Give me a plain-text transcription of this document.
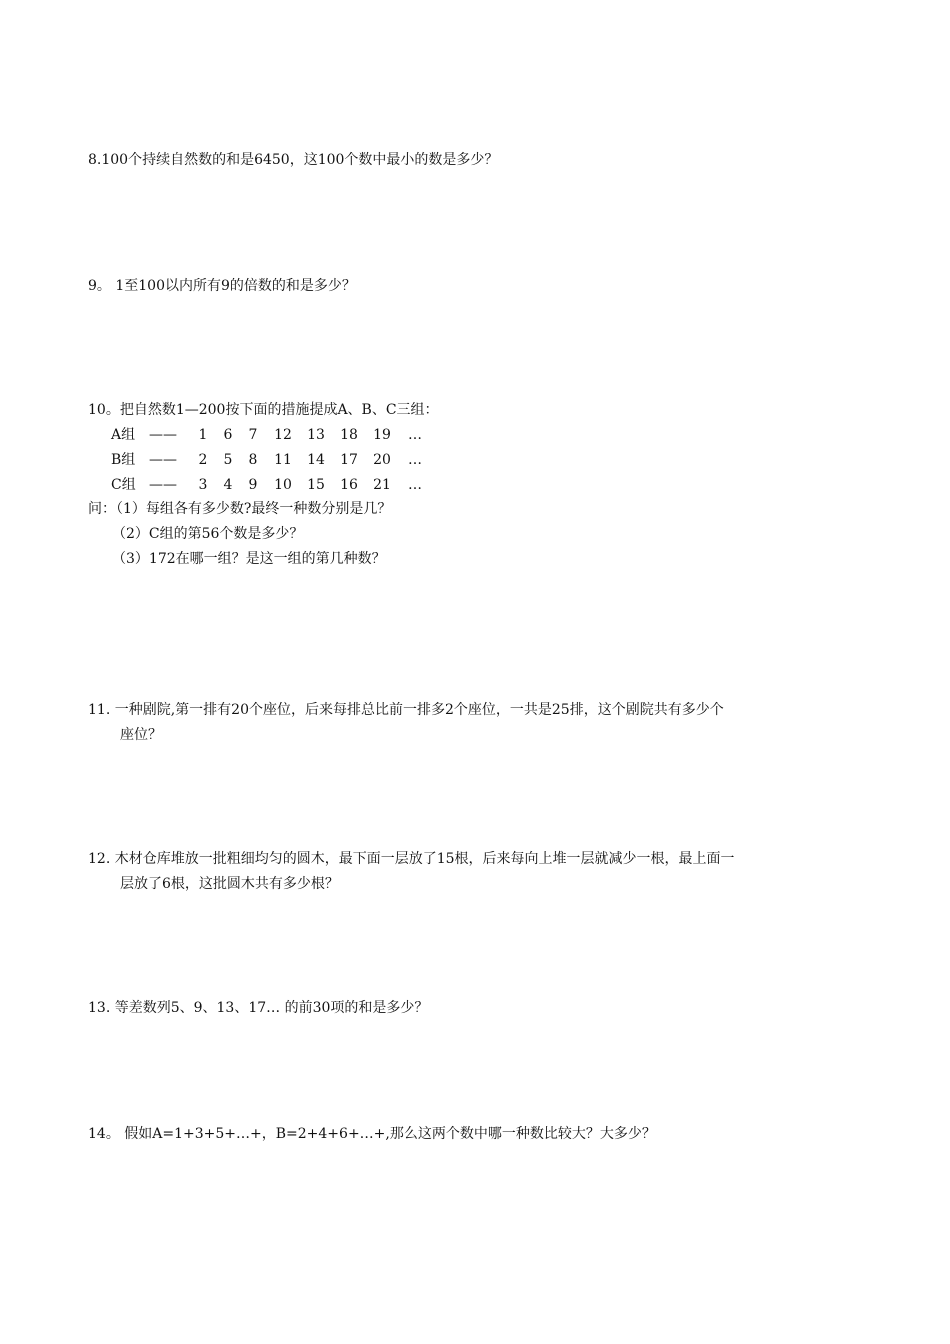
8.100个持续自然数的和是6450，这100个数中最小的数是多少？
9。 1至100以内所有9的倍数的和是多少？
10。把自然数1—200按下面的措施提成A、B、C三组：
A组 ——	1	6	7	12	13	18	19	…
B组 ——	2	5	8	11	14	17	20	…
C组 ——	3	4	9	10	15	16	21	…
问：（1）每组各有多少数?最终一种数分别是几？
（2）C组的第56个数是多少？
（3）172在哪一组？是这一组的第几种数？
11. 一种剧院,第一排有20个座位，后来每排总比前一排多2个座位，一共是25排，这个剧院共有多少个
座位？
12. 木材仓库堆放一批粗细均匀的圆木，最下面一层放了15根，后来每向上堆一层就减少一根，最上面一
层放了6根，这批圆木共有多少根？
13. 等差数列5、9、13、17… 的前30项的和是多少？
14。 假如A=1+3+5+…+，B=2+4+6+…+,那么这两个数中哪一种数比较大？大多少？
